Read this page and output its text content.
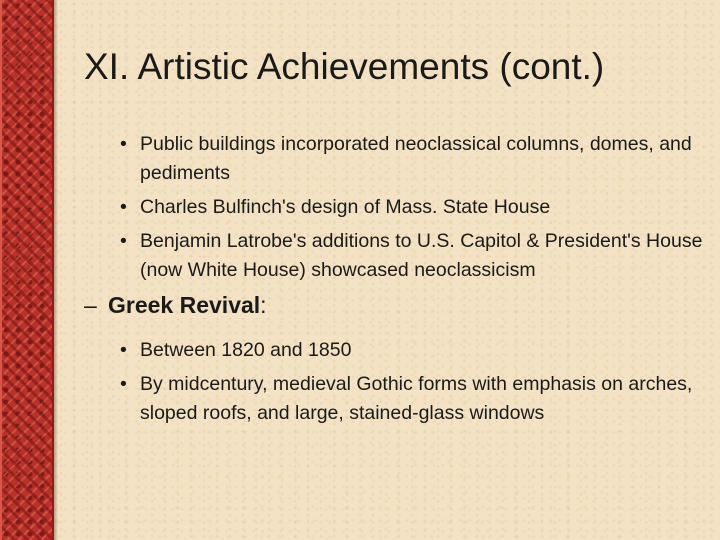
XI. Artistic Achievements (cont.)
• Public buildings incorporated neoclassical columns, domes, and pediments
• Charles Bulfinch's design of Mass. State House
• Benjamin Latrobe's additions to U.S. Capitol & President's House (now White House) showcased neoclassicism
– Greek Revival:
• Between 1820 and 1850
• By midcentury, medieval Gothic forms with emphasis on arches, sloped roofs, and large, stained-glass windows
